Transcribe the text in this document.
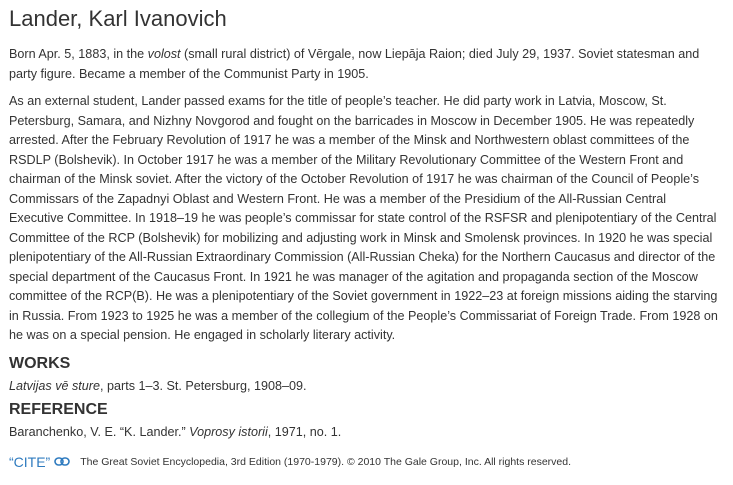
Lander, Karl Ivanovich

Born Apr. 5, 1883, in the volost (small rural district) of Vērgale, now Liepāja Raion; died July 29, 1937. Soviet statesman and party figure. Became a member of the Communist Party in 1905.

As an external student, Lander passed exams for the title of people’s teacher. He did party work in Latvia, Moscow, St. Petersburg, Samara, and Nizhny Novgorod and fought on the barricades in Moscow in December 1905. He was repeatedly arrested. After the February Revolution of 1917 he was a member of the Minsk and Northwestern oblast committees of the RSDLP (Bolshevik). In October 1917 he was a member of the Military Revolutionary Committee of the Western Front and chairman of the Minsk soviet. After the victory of the October Revolution of 1917 he was chairman of the Council of People’s Commissars of the Zapadnyi Oblast and Western Front. He was a member of the Presidium of the All-Russian Central Executive Committee. In 1918–19 he was people’s commissar for state control of the RSFSR and plenipotentiary of the Central Committee of the RCP (Bolshevik) for mobilizing and adjusting work in Minsk and Smolensk provinces. In 1920 he was special plenipotentiary of the All-Russian Extraordinary Commission (All-Russian Cheka) for the Northern Caucasus and director of the special department of the Caucasus Front. In 1921 he was manager of the agitation and propaganda section of the Moscow committee of the RCP(B). He was a plenipotentiary of the Soviet government in 1922–23 at foreign missions aiding the starving in Russia. From 1923 to 1925 he was a member of the collegium of the People’s Commissariat of Foreign Trade. From 1928 on he was on a special pension. He engaged in scholarly literary activity.

WORKS

Latvijas vē sture, parts 1–3. St. Petersburg, 1908–09.

REFERENCE

Baranchenko, V. E. “K. Lander.” Voprosy istorii, 1971, no. 1.

“CITE”	The Great Soviet Encyclopedia, 3rd Edition (1970-1979). © 2010 The Gale Group, Inc. All rights reserved.
